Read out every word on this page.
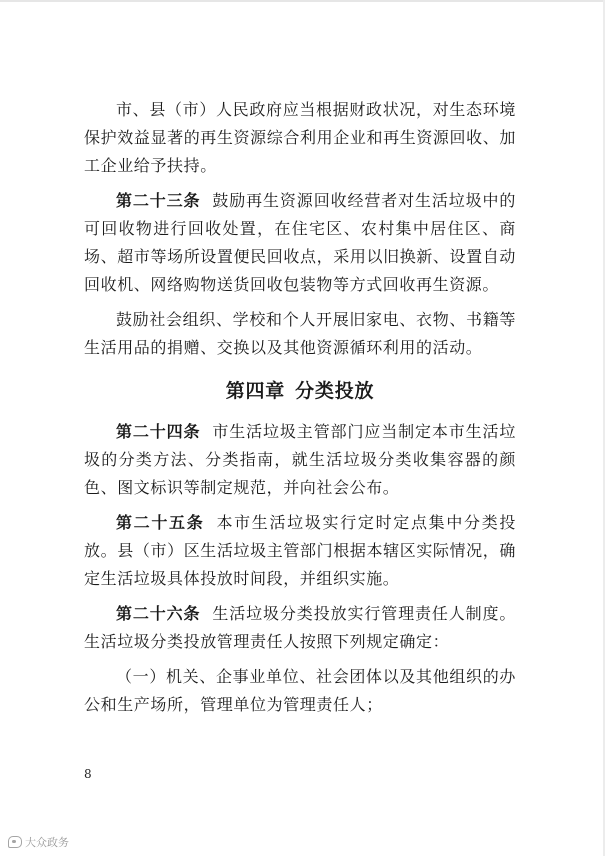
市、县（市）人民政府应当根据财政状况，对生态环境保护效益显著的再生资源综合利用企业和再生资源回收、加工企业给予扶持。

第二十三条 鼓励再生资源回收经营者对生活垃圾中的可回收物进行回收处置，在住宅区、农村集中居住区、商场、超市等场所设置便民回收点，采用以旧换新、设置自动回收机、网络购物送货回收包装物等方式回收再生资源。

鼓励社会组织、学校和个人开展旧家电、衣物、书籍等生活用品的捐赠、交换以及其他资源循环利用的活动。

第四章 分类投放

第二十四条 市生活垃圾主管部门应当制定本市生活垃圾的分类方法、分类指南，就生活垃圾分类收集容器的颜色、图文标识等制定规范，并向社会公布。

第二十五条 本市生活垃圾实行定时定点集中分类投放。县（市）区生活垃圾主管部门根据本辖区实际情况，确定生活垃圾具体投放时间段，并组织实施。

第二十六条 生活垃圾分类投放实行管理责任人制度。生活垃圾分类投放管理责任人按照下列规定确定：

（一）机关、企事业单位、社会团体以及其他组织的办公和生产场所，管理单位为管理责任人；

8
大众政务
